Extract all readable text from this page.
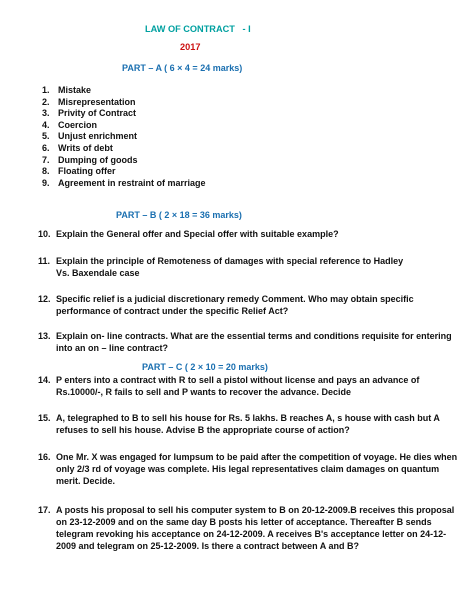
LAW OF CONTRACT   - I
2017
PART – A ( 6 × 4 = 24 marks)
1. Mistake
2. Misrepresentation
3. Privity of Contract
4. Coercion
5. Unjust enrichment
6. Writs of debt
7. Dumping of goods
8. Floating offer
9. Agreement in restraint of marriage
PART – B ( 2 × 18 = 36 marks)
10. Explain the General offer and Special offer with suitable example?
11. Explain the principle of Remoteness of damages with special reference to Hadley Vs. Baxendale case
12. Specific relief is a judicial discretionary remedy Comment. Who may obtain specific performance of contract under the specific Relief Act?
13. Explain on- line contracts. What are the essential terms and conditions requisite for entering into an on – line contract?
PART – C ( 2 × 10 = 20 marks)
14. P enters into a contract with R to sell a pistol without license and pays an advance of Rs.10000/-, R fails to sell and P wants to recover the advance. Decide
15. A, telegraphed to B to sell his house for Rs. 5 lakhs. B reaches A, s house with cash but A refuses to sell his house. Advise B the appropriate course of action?
16. One Mr. X was engaged for lumpsum to be paid after the competition of voyage. He dies when only 2/3 rd of voyage was complete. His legal representatives claim damages on quantum merit. Decide.
17. A posts his proposal to sell his computer system to B on 20-12-2009.B receives this proposal on 23-12-2009 and on the same day B posts his letter of acceptance. Thereafter B sends telegram revoking his acceptance on 24-12-2009. A receives B's acceptance letter on 24-12-2009 and telegram on 25-12-2009. Is there a contract between A and B?
